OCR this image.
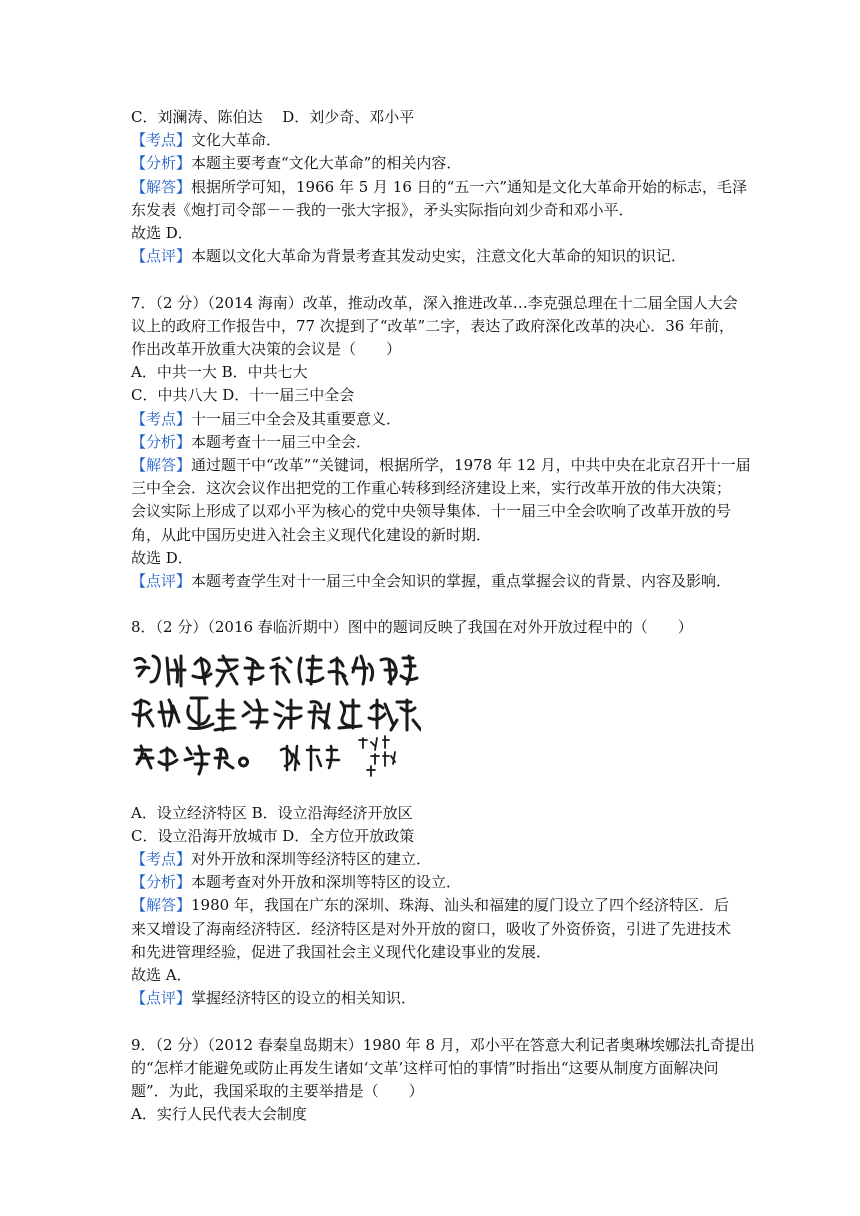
C．刘澜涛、陈伯达　 D．刘少奇、邓小平
【考点】文化大革命．
【分析】本题主要考查“文化大革命”的相关内容．
【解答】根据所学可知，1966 年 5 月 16 日的“五一六”通知是文化大革命开始的标志，毛泽
东发表《炮打司令部－－我的一张大字报》，矛头实际指向刘少奇和邓小平．
故选 D．
【点评】本题以文化大革命为背景考查其发动史实，注意文化大革命的知识的识记．
7．（2 分）（2014 海南）改革，推动改革，深入推进改革…李克强总理在十二届全国人大会
议上的政府工作报告中，77 次提到了“改革”二字，表达了政府深化改革的决心．36 年前，
作出改革开放重大决策的会议是（　　）
A．中共一大 B．中共七大
C．中共八大 D．十一届三中全会
【考点】十一届三中全会及其重要意义．
【分析】本题考查十一届三中全会．
【解答】通过题干中“改革”“关键词，根据所学，1978 年 12 月，中共中央在北京召开十一届
三中全会．这次会议作出把党的工作重心转移到经济建设上来，实行改革开放的伟大决策；
会议实际上形成了以邓小平为核心的党中央领导集体．十一届三中全会吹响了改革开放的号
角，从此中国历史进入社会主义现代化建设的新时期．
故选 D．
【点评】本题考查学生对十一届三中全会知识的掌握，重点掌握会议的背景、内容及影响．
8．（2 分）（2016 春临沂期中）图中的题词反映了我国在对外开放过程中的（　　）
A．设立经济特区 B．设立沿海经济开放区
C．设立沿海开放城市 D．全方位开放政策
【考点】对外开放和深圳等经济特区的建立．
【分析】本题考查对外开放和深圳等特区的设立．
【解答】1980 年，我国在广东的深圳、珠海、汕头和福建的厦门设立了四个经济特区．后
来又增设了海南经济特区．经济特区是对外开放的窗口，吸收了外资侨资，引进了先进技术
和先进管理经验，促进了我国社会主义现代化建设事业的发展．
故选 A．
【点评】掌握经济特区的设立的相关知识．
9．（2 分）（2012 春秦皇岛期末）1980 年 8 月，邓小平在答意大利记者奥琳埃娜法扎奇提出
的“怎样才能避免或防止再发生诸如‘文革’这样可怕的事情”时指出“这要从制度方面解决问
题”．为此，我国采取的主要举措是（　　）
A．实行人民代表大会制度
